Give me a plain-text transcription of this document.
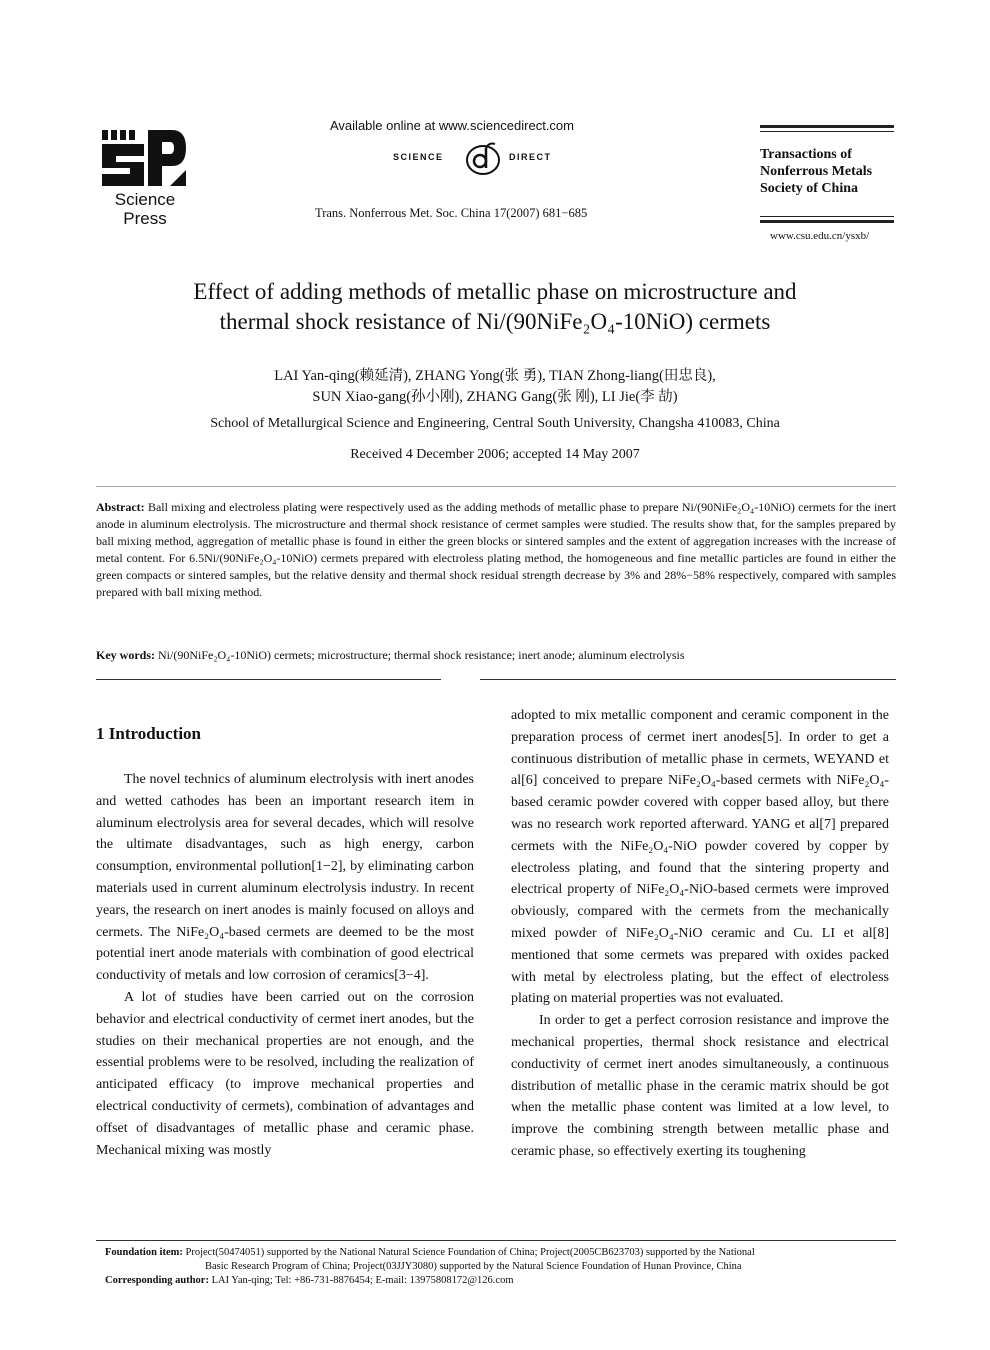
Science
Press
Available online at www.sciencedirect.com
SCIENCE	DIRECT
Trans. Nonferrous Met. Soc. China 17(2007) 681−685
Transactions of
Nonferrous Metals
Society of China
www.csu.edu.cn/ysxb/
Effect of adding methods of metallic phase on microstructure and
thermal shock resistance of Ni/(90NiFe₂O₄-10NiO) cermets
LAI Yan-qing(赖延清), ZHANG Yong(张 勇), TIAN Zhong-liang(田忠良),
SUN Xiao-gang(孙小刚), ZHANG Gang(张 刚), LI Jie(李 劼)
School of Metallurgical Science and Engineering, Central South University, Changsha 410083, China
Received 4 December 2006; accepted 14 May 2007
Abstract: Ball mixing and electroless plating were respectively used as the adding methods of metallic phase to prepare Ni/(90NiFe₂O₄-10NiO) cermets for the inert anode in aluminum electrolysis. The microstructure and thermal shock resistance of cermet samples were studied. The results show that, for the samples prepared by ball mixing method, aggregation of metallic phase is found in either the green blocks or sintered samples and the extent of aggregation increases with the increase of metal content. For 6.5Ni/(90NiFe₂O₄-10NiO) cermets prepared with electroless plating method, the homogeneous and fine metallic particles are found in either the green compacts or sintered samples, but the relative density and thermal shock residual strength decrease by 3% and 28%−58% respectively, compared with samples prepared with ball mixing method.
Key words: Ni/(90NiFe₂O₄-10NiO) cermets; microstructure; thermal shock resistance; inert anode; aluminum electrolysis
1 Introduction

The novel technics of aluminum electrolysis with inert anodes and wetted cathodes has been an important research item in aluminum electrolysis area for several decades, which will resolve the ultimate disadvantages, such as high energy, carbon consumption, environmental pollution[1−2], by eliminating carbon materials used in current aluminum electrolysis industry. In recent years, the research on inert anodes is mainly focused on alloys and cermets. The NiFe₂O₄-based cermets are deemed to be the most potential inert anode materials with combination of good electrical conductivity of metals and low corrosion of ceramics[3−4].

A lot of studies have been carried out on the corrosion behavior and electrical conductivity of cermet inert anodes, but the studies on their mechanical properties are not enough, and the essential problems were to be resolved, including the realization of anticipated efficacy (to improve mechanical properties and electrical conductivity of cermets), combination of advantages and offset of disadvantages of metallic phase and ceramic phase. Mechanical mixing was mostly

adopted to mix metallic component and ceramic component in the preparation process of cermet inert anodes[5]. In order to get a continuous distribution of metallic phase in cermets, WEYAND et al[6] conceived to prepare NiFe₂O₄-based cermets with NiFe₂O₄-based ceramic powder covered with copper based alloy, but there was no research work reported afterward. YANG et al[7] prepared cermets with the NiFe₂O₄-NiO powder covered by copper by electroless plating, and found that the sintering property and electrical property of NiFe₂O₄-NiO-based cermets were improved obviously, compared with the cermets from the mechanically mixed powder of NiFe₂O₄-NiO ceramic and Cu. LI et al[8] mentioned that some cermets was prepared with oxides packed with metal by electroless plating, but the effect of electroless plating on material properties was not evaluated.

In order to get a perfect corrosion resistance and improve the mechanical properties, thermal shock resistance and electrical conductivity of cermet inert anodes simultaneously, a continuous distribution of metallic phase in the ceramic matrix should be got when the metallic phase content was limited at a low level, to improve the combining strength between metallic phase and ceramic phase, so effectively exerting its toughening

Foundation item: Project(50474051) supported by the National Natural Science Foundation of China; Project(2005CB623703) supported by the National
Basic Research Program of China; Project(03JJY3080) supported by the Natural Science Foundation of Hunan Province, China
Corresponding author: LAI Yan-qing; Tel: +86-731-8876454; E-mail: 13975808172@126.com
